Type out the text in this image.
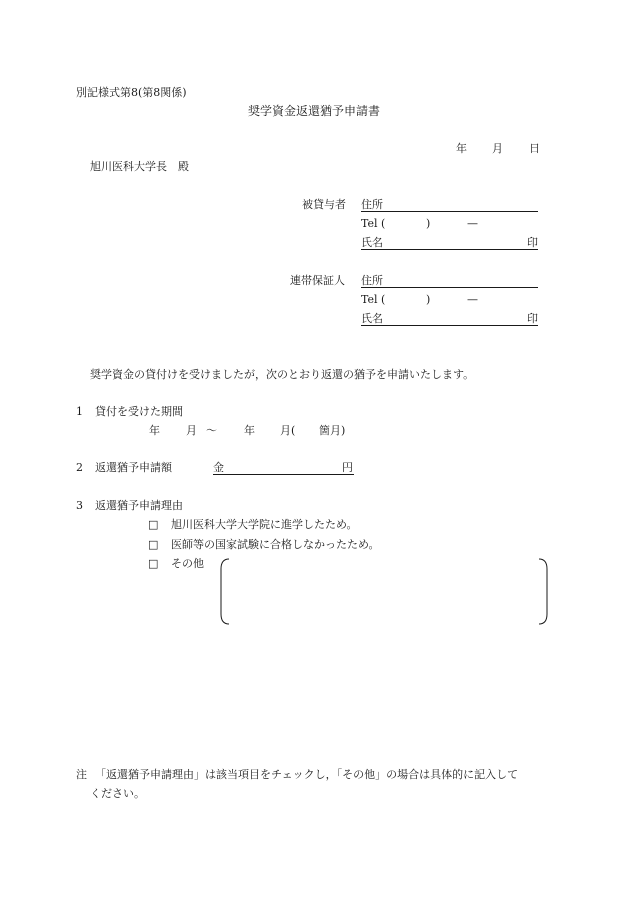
別記様式第8(第8関係)
奨学資金返還猶予申請書
年 月 日
旭川医科大学長　殿
被貸与者 住所
Tel (	)	—
氏名	印
連帯保証人 住所
Tel (	)	—
氏名	印
奨学資金の貸付けを受けましたが，次のとおり返還の猶予を申請いたします。
1 貸付を受けた期間
年 月 ～ 年 月( 箇月)
2 返還猶予申請額	金	円
3 返還猶予申請理由
□ 旭川医科大学大学院に進学したため。
□ 医師等の国家試験に合格しなかったため。
□ その他
注 「返還猶予申請理由」は該当項目をチェックし，「その他」の場合は具体的に記入して
ください。
